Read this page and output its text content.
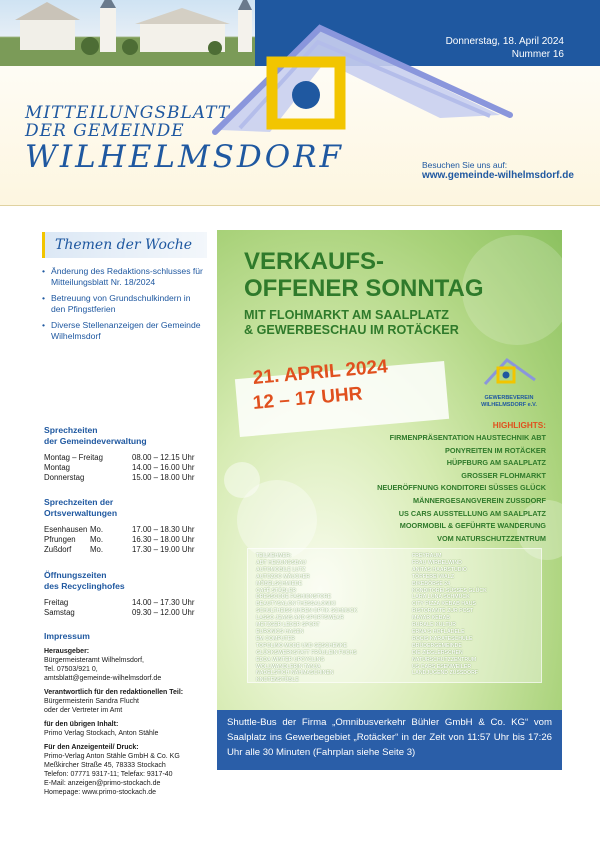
Donnerstag, 18. April 2024
Nummer 16
MITTEILUNGSBLATT
DER GEMEINDE
WILHELMSDORF	Besuchen Sie uns auf:
www.gemeinde-wilhelmsdorf.de
Themen der Woche
• Änderung des Redaktions-schlusses für Mitteilungsblatt Nr. 18/2024
• Betreuung von Grundschulkindern in den Pfingstferien
• Diverse Stellenanzeigen der Gemeinde Wilhelmsdorf
Sprechzeiten
der Gemeindeverwaltung
Montag – Freitag	08.00 – 12.15 Uhr
Montag	14.00 – 16.00 Uhr
Donnerstag	15.00 – 18.00 Uhr
Sprechzeiten der
Ortsverwaltungen
Esenhausen Mo.	17.00 – 18.30 Uhr
Pfrungen	Mo.	16.30 – 18.00 Uhr
Zußdorf	Mo.	17.30 – 19.00 Uhr
Öffnungszeiten
des Recyclinghofes
Freitag	14.00 – 17.30 Uhr
Samstag	09.30 – 12.00 Uhr
Impressum
Herausgeber:
Bürgermeisteramt Wilhelmsdorf,
Tel. 07503/921 0,
amtsblatt@gemeinde-wilhelmsdorf.de
Verantwortlich für den redaktionellen Teil:
Bürgermeisterin Sandra Flucht
oder der Vertreter im Amt
für den übrigen Inhalt:
Primo Verlag Stockach, Anton Stähle
Für den Anzeigenteil/ Druck:
Primo-Verlag Anton Stähle GmbH & Co. KG
Meßkircher Straße 45, 78333 Stockach
Telefon: 07771 9317-11; Telefax: 9317-40
E-Mail: anzeigen@primo-stockach.de
Homepage: www.primo-stockach.de
VERKAUFS-
OFFENER SONNTAG
MIT FLOHMARKT AM SAALPLATZ
& GEWERBESCHAU IM ROTÄCKER
21. APRIL 2024
12 – 17 UHR	GEWERBEVEREIN
WILHELMSDORF e.V.
HIGHLIGHTS:
FIRMENPRÄSENTATION HAUSTECHNIK ABT
PONYREITEN IM ROTÄCKER
HÜPFBURG AM SAALPLATZ
GROSSER FLOHMARKT
NEUERÖFFNUNG KONDITOREI SÜSSES GLÜCK
MÄNNERGESANGVEREIN ZUSSDORF
US CARS AUSSTELLUNG AM SAALPLATZ
MOORMOBIL & GEFÜHRTE WANDERUNG
VOM NATURSCHUTZZENTRUM
TEILNEHMER:
ABT HEIZUNGSBAU
AUTOMOBILE LUTZ
AUTOZOO MÄUCHER
MÖBELSCHMIEDE
CAFÉ STÄBLER
DRESSCODE FASHIONSTORE
BEAUTYSALON THESSALONIKI
SCHULTHEISS UHREN OPTIK SCHMUCK
LASSO JEANS AND SPORTSWEAR
METZGER LEDER SPORT
EURONICS HAGEN
EM COMPUTER
TOPOLINO MODE UND GESCHENKE
GLÜCKSWERKSTATT FRÄULEIN FUCHS
EDDA WINTER UPCYCLING
WOLLWANDLERIN TANJA
NADELSTICH NÄHMASCHINEN
KNOTENSTÜBLE
FREYRAUM
FRAU WIRBELWIND
ANITAS HAARSTUDIO
TÖPFEREI WALZ
BIKEBÖRSE 24
KONDITOREI SÜSSES GLÜCK
LARA LUNA SCHMUCK
CITY PIZZA KEBAB HAUS
RISTORANTE ZUR POST
MAYAR KEBAB
RURALE KULTUR
ERNA'S HOFLÄDELE
ROCIS KARATESCHULE
BRÜDERGEMEINDE
DIE ZIEGLERSCHEN
NATURSCHUTZZENTRUM
US CARS ESENWEILER
LANDJUGEND ZUSSDORF
Shuttle-Bus der Firma „Omnibusverkehr Bühler GmbH & Co. KG“ vom Saalplatz ins Gewerbegebiet „Rotäcker“ in der Zeit von 11:57 Uhr bis 17:26 Uhr alle 30 Minuten (Fahrplan siehe Seite 3)
